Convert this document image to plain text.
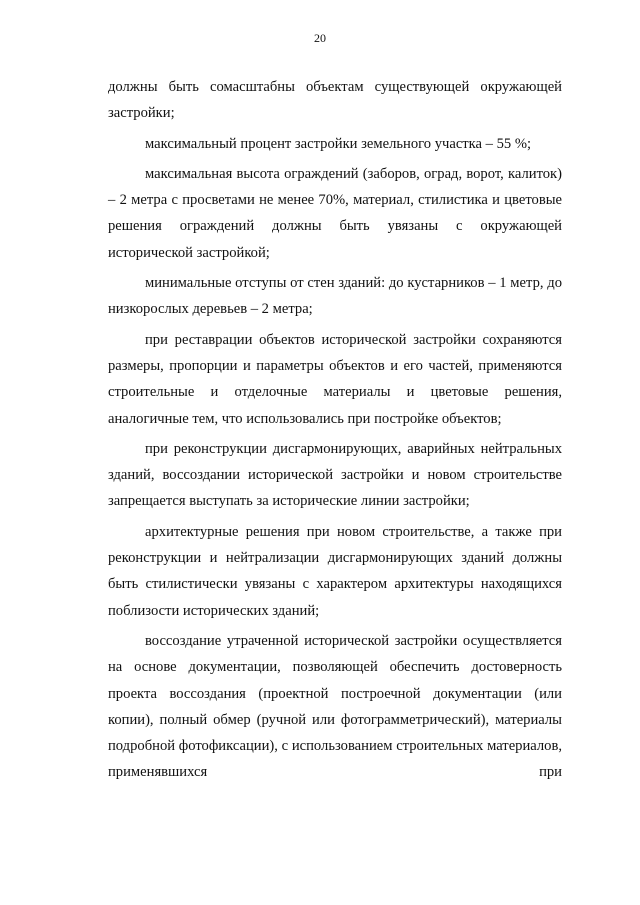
20

должны быть сомасштабны объектам существующей окружающей застройки;

максимальный процент застройки земельного участка – 55 %;

максимальная высота ограждений (заборов, оград, ворот, калиток) – 2 метра с просветами не менее 70%, материал, стилистика и цветовые решения ограждений должны быть увязаны с окружающей исторической застройкой;

минимальные отступы от стен зданий: до кустарников – 1 метр, до низкорослых деревьев – 2 метра;

при реставрации объектов исторической застройки сохраняются размеры, пропорции и параметры объектов и его частей, применяются строительные и отделочные материалы и цветовые решения, аналогичные тем, что использовались при постройке объектов;

при реконструкции дисгармонирующих, аварийных нейтральных зданий, воссоздании исторической застройки и новом строительстве запрещается выступать за исторические линии застройки;

архитектурные решения при новом строительстве, а также при реконструкции и нейтрализации дисгармонирующих зданий должны быть стилистически увязаны с характером архитектуры находящихся поблизости исторических зданий;

воссоздание утраченной исторической застройки осуществляется на основе документации, позволяющей обеспечить достоверность проекта воссоздания (проектной построечной документации (или копии), полный обмер (ручной или фотограмметрический), материалы подробной фотофиксации), с использованием строительных материалов, применявшихся при
